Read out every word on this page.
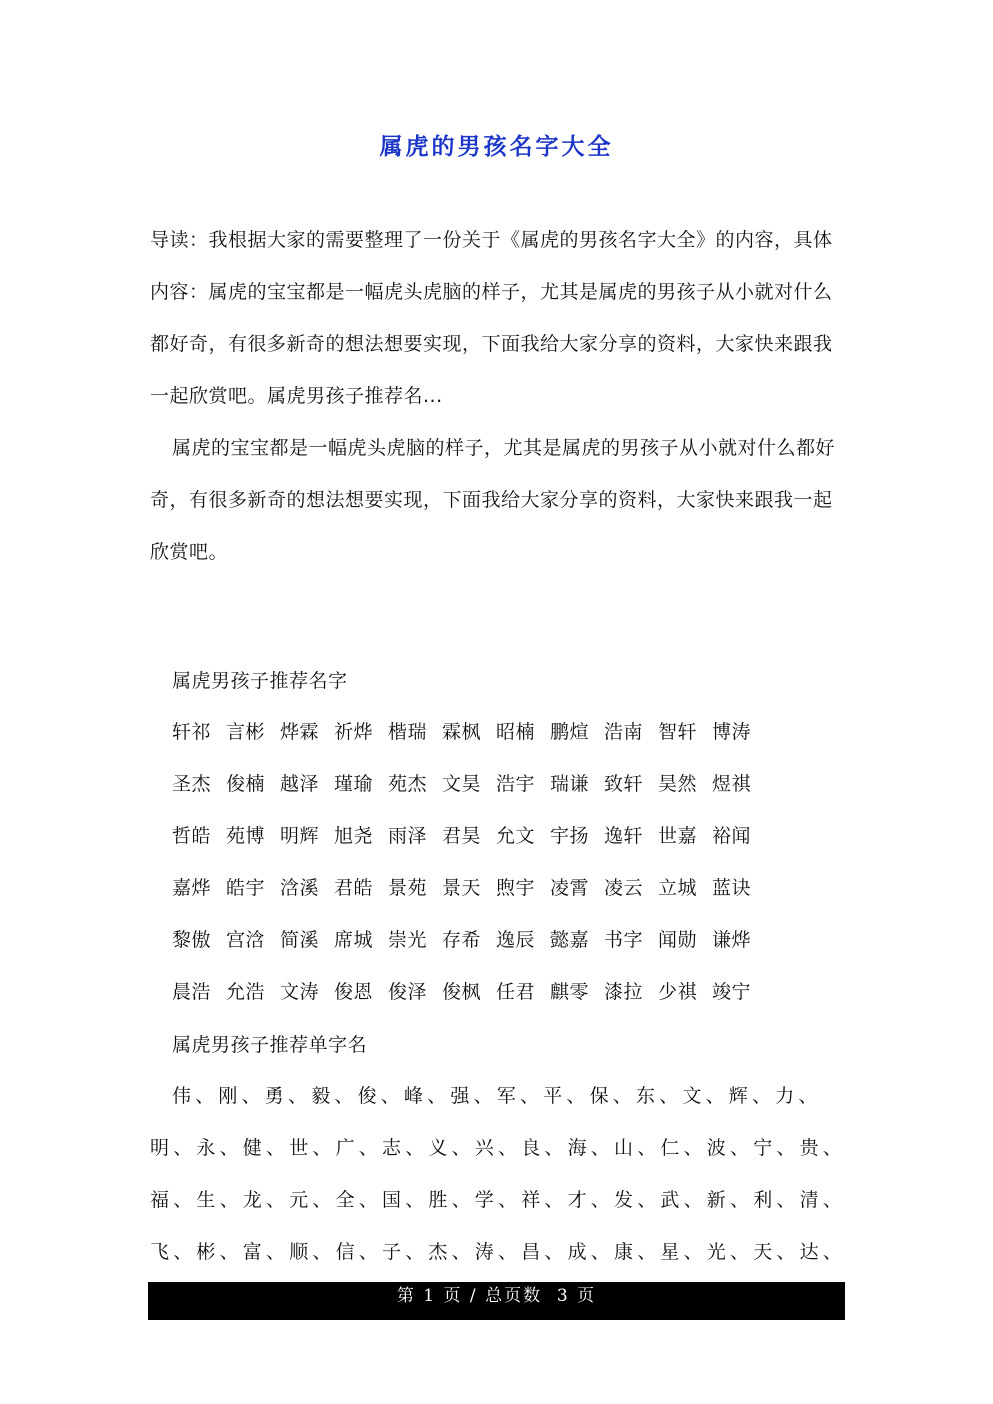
属虎的男孩名字大全
导读：我根据大家的需要整理了一份关于《属虎的男孩名字大全》的内容，具体内容：属虎的宝宝都是一幅虎头虎脑的样子，尤其是属虎的男孩子从小就对什么都好奇，有很多新奇的想法想要实现，下面我给大家分享的资料，大家快来跟我一起欣赏吧。属虎男孩子推荐名...
属虎的宝宝都是一幅虎头虎脑的样子，尤其是属虎的男孩子从小就对什么都好奇，有很多新奇的想法想要实现，下面我给大家分享的资料，大家快来跟我一起欣赏吧。
属虎男孩子推荐名字
轩祁 言彬 烨霖 祈烨 楷瑞 霖枫 昭楠 鹏煊 浩南 智轩 博涛
圣杰 俊楠 越泽 瑾瑜 苑杰 文昊 浩宇 瑞谦 致轩 昊然 煜祺
哲皓 苑博 明辉 旭尧 雨泽 君昊 允文 宇扬 逸轩 世嘉 裕闻
嘉烨 皓宇 浛溪 君皓 景苑 景天 煦宇 凌霄 凌云 立城 蓝诀
黎傲 宫浛 简溪 席城 崇光 存希 逸辰 懿嘉 书字 闻勋 谦烨
晨浩 允浩 文涛 俊恩 俊泽 俊枫 任君 麒零 漆拉 少祺 竣宁
属虎男孩子推荐单字名
伟、刚、勇、毅、俊、峰、强、军、平、保、东、文、辉、力、明、永、健、世、广、志、义、兴、良、海、山、仁、波、宁、贵、福、生、龙、元、全、国、胜、学、祥、才、发、武、新、利、清、飞、彬、富、顺、信、子、杰、涛、昌、成、康、星、光、天、达、
第 1 页 / 总页数  3 页
